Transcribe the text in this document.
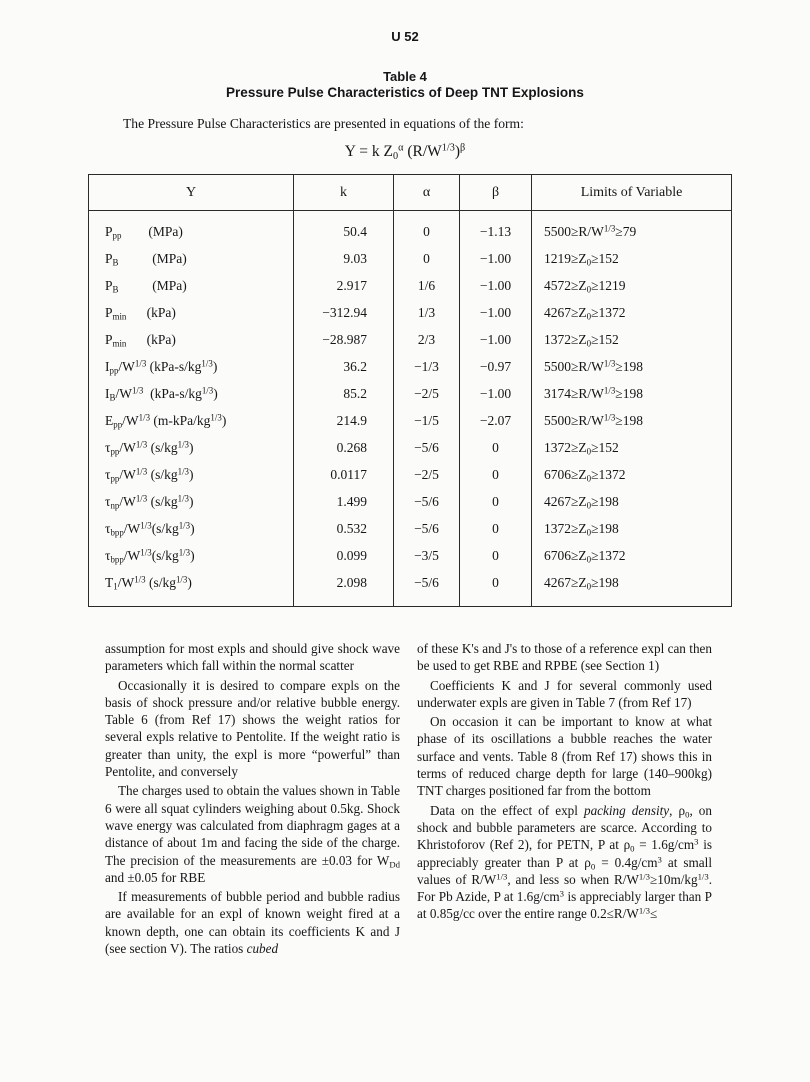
U 52
Table 4
Pressure Pulse Characteristics of Deep TNT Explosions
The Pressure Pulse Characteristics are presented in equations of the form:
Y = k $Z_0^\alpha$ $(R/W^{1/3})^\beta$
Y	k	α	β	Limits of Variable
$P_{pp}$        (MPa)	50.4	0	−1.13	$5500\ge R/W^{1/3}\ge 79$
$P_B$          (MPa)	9.03	0	−1.00	$1219\ge Z_0\ge 152$
$P_B$          (MPa)	2.917	1/6	−1.00	$4572\ge Z_0\ge 1219$
$P_{min}$      (kPa)	−312.94	1/3	−1.00	$4267\ge Z_0\ge 1372$
$P_{min}$      (kPa)	−28.987	2/3	−1.00	$1372\ge Z_0\ge 152$
$I_{pp}/W^{1/3}$ $(kPa-s/kg^{1/3})$	36.2	−1/3	−0.97	$5500\ge R/W^{1/3}\ge 198$
$I_B/W^{1/3}$  $(kPa-s/kg^{1/3})$	85.2	−2/5	−1.00	$3174\ge R/W^{1/3}\ge 198$
$E_{pp}/W^{1/3}$ $(m-kPa/kg^{1/3})$	214.9	−1/5	−2.07	$5500\ge R/W^{1/3}\ge 198$
$\tau_{pp}/W^{1/3}$ $(s/kg^{1/3})$	0.268	−5/6	0	$1372\ge Z_0\ge 152$
$\tau_{pp}/W^{1/3}$ $(s/kg^{1/3})$	0.0117	−2/5	0	$6706\ge Z_0\ge 1372$
$\tau_{np}/W^{1/3}$ $(s/kg^{1/3})$	1.499	−5/6	0	$4267\ge Z_0\ge 198$
$\tau_{bpp}/W^{1/3}(s/kg^{1/3})$	0.532	−5/6	0	$1372\ge Z_0\ge 198$
$\tau_{bpp}/W^{1/3}(s/kg^{1/3})$	0.099	−3/5	0	$6706\ge Z_0\ge 1372$
$T_1/W^{1/3}$ $(s/kg^{1/3})$	2.098	−5/6	0	$4267\ge Z_0\ge 198$

assumption for most expls and should give shock wave parameters which fall within the normal scatter

Occasionally it is desired to compare expls on the basis of shock pressure and/or relative bubble energy. Table 6 (from Ref 17) shows the weight ratios for several expls relative to Pentolite. If the weight ratio is greater than unity, the expl is more “powerful” than Pentolite, and conversely

The charges used to obtain the values shown in Table 6 were all squat cylinders weighing about 0.5kg. Shock wave energy was calculated from diaphragm gages at a distance of about 1m and facing the side of the charge. The precision of the measurements are ±0.03 for $W_{Dd}$ and ±0.05 for RBE

If measurements of bubble period and bubble radius are available for an expl of known weight fired at a known depth, one can obtain its coefficients K and J (see section V). The ratios cubed

of these K's and J's to those of a reference expl can then be used to get RBE and RPBE (see Section 1)

Coefficients K and J for several commonly used underwater expls are given in Table 7 (from Ref 17)

On occasion it can be important to know at what phase of its oscillations a bubble reaches the water surface and vents. Table 8 (from Ref 17) shows this in terms of reduced charge depth for large (140–900kg) TNT charges positioned far from the bottom

Data on the effect of expl packing density, $\rho_0$, on shock and bubble parameters are scarce. According to Khristoforov (Ref 2), for PETN, P at $\rho_0 = 1.6g/cm^3$ is appreciably greater than P at $\rho_0 = 0.4g/cm^3$ at small values of $R/W^{1/3}$, and less so when $R/W^{1/3}\ge 10m/kg^{1/3}$. For Pb Azide, P at $1.6g/cm^3$ is appreciably larger than P at 0.85g/cc over the entire range $0.2\le R/W^{1/3}\le$
